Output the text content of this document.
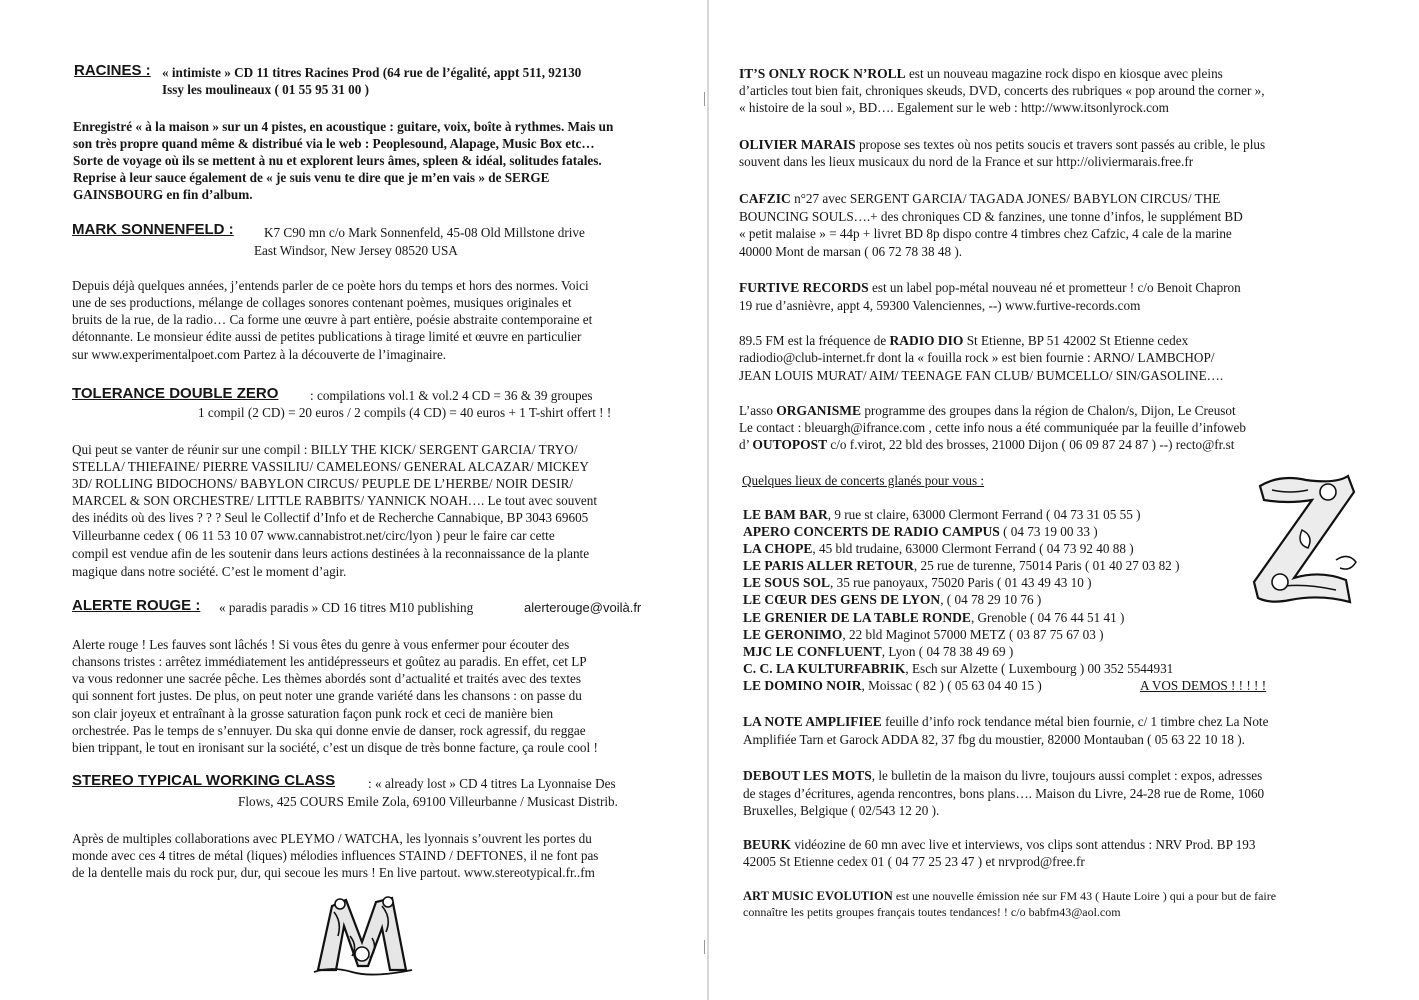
RACINES : « intimiste » CD 11 titres Racines Prod (64 rue de l’égalité, appt 511, 92130
Issy les moulineaux ( 01 55 95 31 00 )
Enregistré « à la maison » sur un 4 pistes, en acoustique : guitare, voix, boîte à rythmes. Mais un
son très propre quand même & distribué via le web : Peoplesound, Alapage, Music Box etc…
Sorte de voyage où ils se mettent à nu et explorent leurs âmes, spleen & idéal, solitudes fatales.
Reprise à leur sauce également de « je suis venu te dire que je m’en vais » de SERGE
GAINSBOURG en fin d’album.
MARK SONNENFELD : K7 C90 mn c/o Mark Sonnenfeld, 45-08 Old Millstone drive
East Windsor, New Jersey 08520 USA
Depuis déjà quelques années, j’entends parler de ce poète hors du temps et hors des normes. Voici
une de ses productions, mélange de collages sonores contenant poèmes, musiques originales et
bruits de la rue, de la radio… Ca forme une œuvre à part entière, poésie abstraite contemporaine et
détonnante. Le monsieur édite aussi de petites publications à tirage limité et œuvre en particulier
sur www.experimentalpoet.com Partez à la découverte de l’imaginaire.
TOLERANCE DOUBLE ZERO : compilations vol.1 & vol.2 4 CD = 36 & 39 groupes
1 compil (2 CD) = 20 euros / 2 compils (4 CD) = 40 euros + 1 T-shirt offert ! !
Qui peut se vanter de réunir sur une compil : BILLY THE KICK/ SERGENT GARCIA/ TRYO/
STELLA/ THIEFAINE/ PIERRE VASSILIU/ CAMELEONS/ GENERAL ALCAZAR/ MICKEY
3D/ ROLLING BIDOCHONS/ BABYLON CIRCUS/ PEUPLE DE L’HERBE/ NOIR DESIR/
MARCEL & SON ORCHESTRE/ LITTLE RABBITS/ YANNICK NOAH…. Le tout avec souvent
des inédits où des lives ? ? ? Seul le Collectif d’Info et de Recherche Cannabique, BP 3043 69605
Villeurbanne cedex ( 06 11 53 10 07 www.cannabistrot.net/circ/lyon ) peur le faire car cette
compil est vendue afin de les soutenir dans leurs actions destinées à la reconnaissance de la plante
magique dans notre société. C’est le moment d’agir.
ALERTE ROUGE : « paradis paradis » CD 16 titres M10 publishing	alerterouge@voilà.fr
Alerte rouge ! Les fauves sont lâchés ! Si vous êtes du genre à vous enfermer pour écouter des
chansons tristes : arrêtez immédiatement les antidépresseurs et goûtez au paradis. En effet, cet LP
va vous redonner une sacrée pêche. Les thèmes abordés sont d’actualité et traités avec des textes
qui sonnent fort justes. De plus, on peut noter une grande variété dans les chansons : on passe du
son clair joyeux et entraînant à la grosse saturation façon punk rock et ceci de manière bien
orchestrée. Pas le temps de s’ennuyer. Du ska qui donne envie de danser, rock agressif, du reggae
bien trippant, le tout en ironisant sur la société, c’est un disque de très bonne facture, ça roule cool !
STEREO TYPICAL WORKING CLASS : « already lost » CD 4 titres La Lyonnaise Des
Flows, 425 COURS Emile Zola, 69100 Villeurbanne / Musicast Distrib.
Après de multiples collaborations avec PLEYMO / WATCHA, les lyonnais s’ouvrent les portes du
monde avec ces 4 titres de métal (liques) mélodies influences STAIND / DEFTONES, il ne font pas
de la dentelle mais du rock pur, dur, qui secoue les murs ! En live partout. www.stereotypical.fr..fm
IT’S ONLY ROCK N’ROLL est un nouveau magazine rock dispo en kiosque avec pleins
d’articles tout bien fait, chroniques skeuds, DVD, concerts des rubriques « pop around the corner »,
« histoire de la soul », BD…. Egalement sur le web : http://www.itsonlyrock.com
OLIVIER MARAIS propose ses textes où nos petits soucis et travers sont passés au crible, le plus
souvent dans les lieux musicaux du nord de la France et sur http://oliviermarais.free.fr
CAFZIC n°27 avec SERGENT GARCIA/ TAGADA JONES/ BABYLON CIRCUS/ THE
BOUNCING SOULS….+ des chroniques CD & fanzines, une tonne d’infos, le supplément BD
« petit malaise » = 44p + livret BD 8p dispo contre 4 timbres chez Cafzic, 4 cale de la marine
40000 Mont de marsan ( 06 72 78 38 48 ).
FURTIVE RECORDS est un label pop-métal nouveau né et prometteur ! c/o Benoit Chapron
19 rue d’asnièvre, appt 4, 59300 Valenciennes, --) www.furtive-records.com
89.5 FM est la fréquence de RADIO DIO St Etienne, BP 51 42002 St Etienne cedex
radiodio@club-internet.fr dont la « fouilla rock » est bien fournie : ARNO/ LAMBCHOP/
JEAN LOUIS MURAT/ AIM/ TEENAGE FAN CLUB/ BUMCELLO/ SIN/GASOLINE….
L’asso ORGANISME programme des groupes dans la région de Chalon/s, Dijon, Le Creusot
Le contact : bleuargh@ifrance.com , cette info nous a été communiquée par la feuille d’infoweb
d’ OUTOPOST c/o f.virot, 22 bld des brosses, 21000 Dijon ( 06 09 87 24 87 ) --) recto@fr.st
Quelques lieux de concerts glanés pour vous :
LE BAM BAR, 9 rue st claire, 63000 Clermont Ferrand ( 04 73 31 05 55 )
APERO CONCERTS DE RADIO CAMPUS ( 04 73 19 00 33 )
LA CHOPE, 45 bld trudaine, 63000 Clermont Ferrand ( 04 73 92 40 88 )
LE PARIS ALLER RETOUR, 25 rue de turenne, 75014 Paris ( 01 40 27 03 82 )
LE SOUS SOL, 35 rue panoyaux, 75020 Paris ( 01 43 49 43 10 )
LE CŒUR DES GENS DE LYON, ( 04 78 29 10 76 )
LE GRENIER DE LA TABLE RONDE, Grenoble ( 04 76 44 51 41 )
LE GERONIMO, 22 bld Maginot 57000 METZ ( 03 87 75 67 03 )
MJC LE CONFLUENT, Lyon ( 04 78 38 49 69 )
C. C. LA KULTURFABRIK, Esch sur Alzette ( Luxembourg ) 00 352 5544931
LE DOMINO NOIR, Moissac ( 82 ) ( 05 63 04 40 15 )	A VOS DEMOS ! ! ! ! !
LA NOTE AMPLIFIEE feuille d’info rock tendance métal bien fournie, c/ 1 timbre chez La Note
Amplifiée Tarn et Garock ADDA 82, 37 fbg du moustier, 82000 Montauban ( 05 63 22 10 18 ).
DEBOUT LES MOTS, le bulletin de la maison du livre, toujours aussi complet : expos, adresses
de stages d’écritures, agenda rencontres, bons plans…. Maison du Livre, 24-28 rue de Rome, 1060
Bruxelles, Belgique ( 02/543 12 20 ).
BEURK vidéozine de 60 mn avec live et interviews, vos clips sont attendus : NRV Prod. BP 193
42005 St Etienne cedex 01 ( 04 77 25 23 47 ) et nrvprod@free.fr
ART MUSIC EVOLUTION est une nouvelle émission née sur FM 43 ( Haute Loire ) qui a pour but de faire
connaître les petits groupes français toutes tendances! ! c/o babfm43@aol.com
